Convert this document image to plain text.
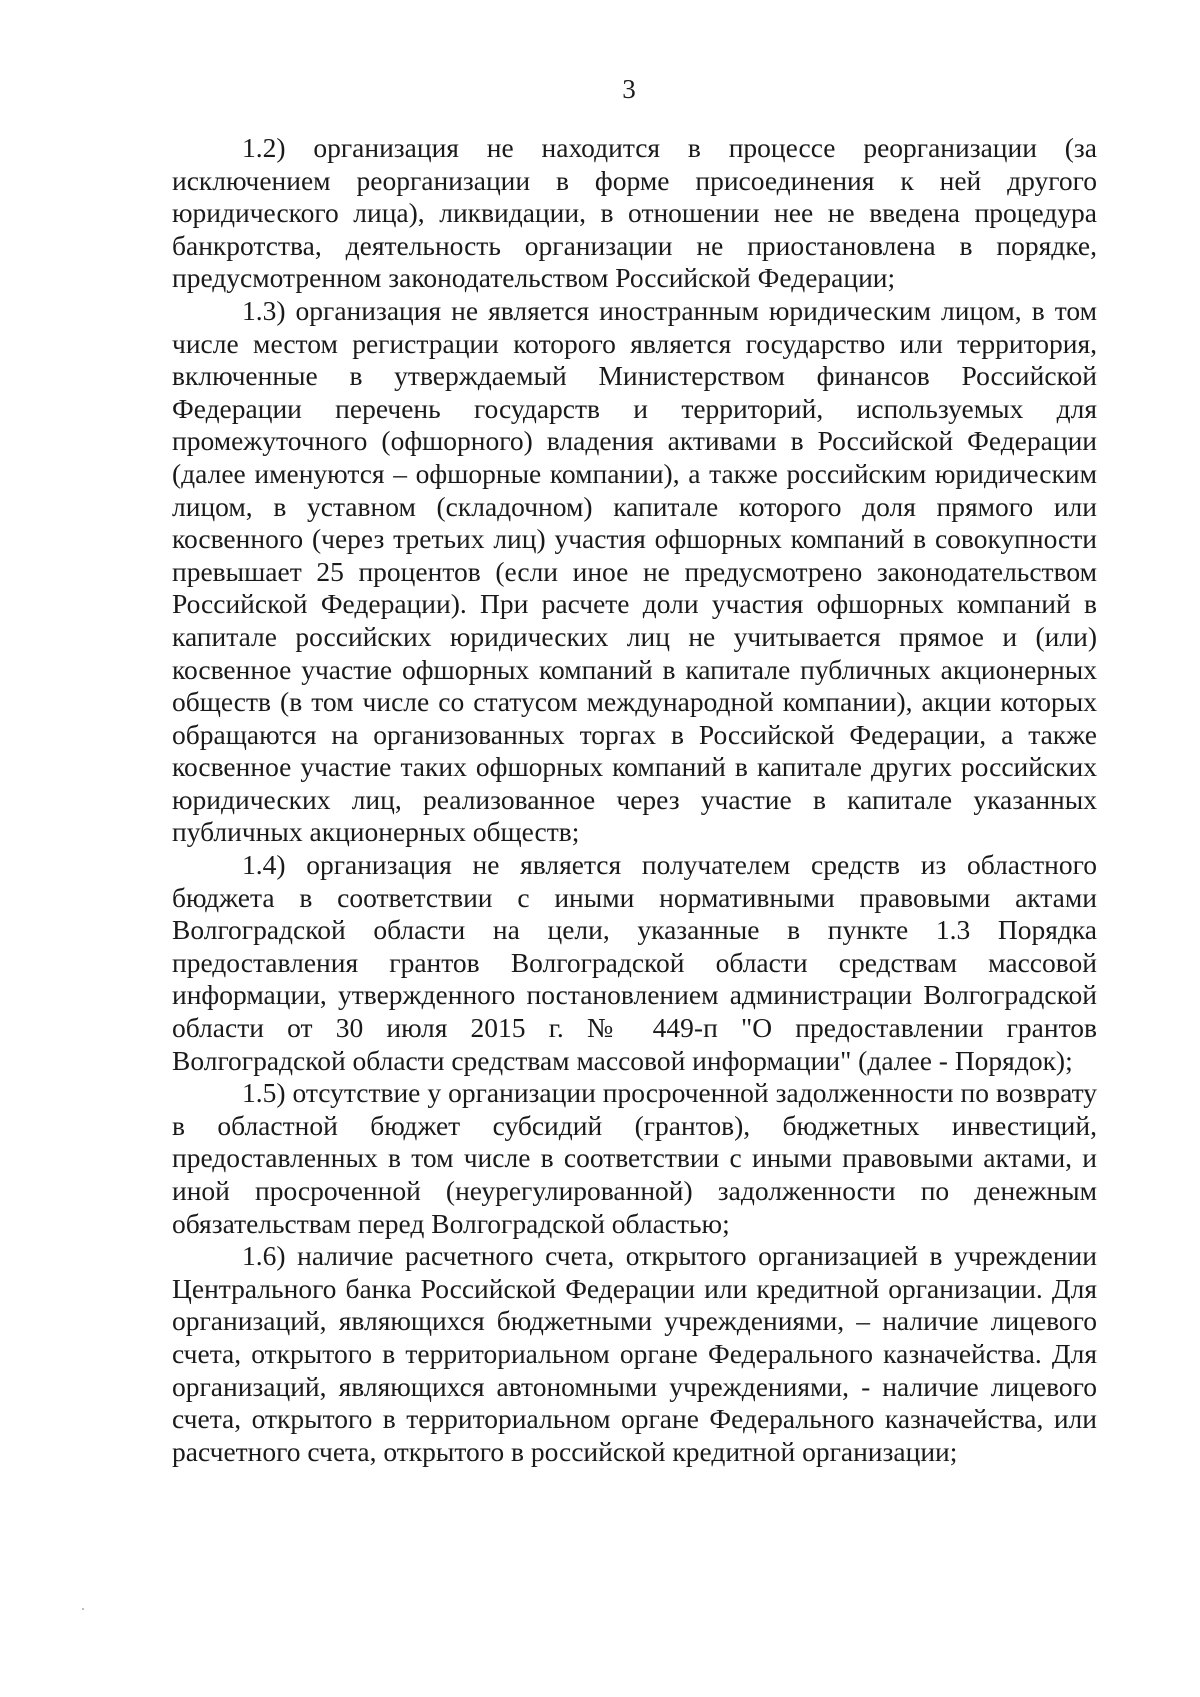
3

1.2) организация не находится в процессе реорганизации (за исключением реорганизации в форме присоединения к ней другого юридического лица), ликвидации, в отношении нее не введена процедура банкротства, деятельность организации не приостановлена в порядке, предусмотренном законодательством Российской Федерации;

1.3) организация не является иностранным юридическим лицом, в том числе местом регистрации которого является государство или территория, включенные в утверждаемый Министерством финансов Российской Федерации перечень государств и территорий, используемых для промежуточного (офшорного) владения активами в Российской Федерации (далее именуются – офшорные компании), а также российским юридическим лицом, в уставном (складочном) капитале которого доля прямого или косвенного (через третьих лиц) участия офшорных компаний в совокупности превышает 25 процентов (если иное не предусмотрено законодательством Российской Федерации). При расчете доли участия офшорных компаний в капитале российских юридических лиц не учитывается прямое и (или) косвенное участие офшорных компаний в капитале публичных акционерных обществ (в том числе со статусом международной компании), акции которых обращаются на организованных торгах в Российской Федерации, а также косвенное участие таких офшорных компаний в капитале других российских юридических лиц, реализованное через участие в капитале указанных публичных акционерных обществ;

1.4) организация не является получателем средств из областного бюджета в соответствии с иными нормативными правовыми актами Волгоградской области на цели, указанные в пункте 1.3 Порядка предоставления грантов Волгоградской области средствам массовой информации, утвержденного постановлением администрации Волгоградской области от 30 июля 2015 г. № 449-п "О предоставлении грантов Волгоградской области средствам массовой информации" (далее - Порядок);

1.5) отсутствие у организации просроченной задолженности по возврату в областной бюджет субсидий (грантов), бюджетных инвестиций, предоставленных в том числе в соответствии с иными правовыми актами, и иной просроченной (неурегулированной) задолженности по денежным обязательствам перед Волгоградской областью;

1.6) наличие расчетного счета, открытого организацией в учреждении Центрального банка Российской Федерации или кредитной организации. Для организаций, являющихся бюджетными учреждениями, – наличие лицевого счета, открытого в территориальном органе Федерального казначейства. Для организаций, являющихся автономными учреждениями, - наличие лицевого счета, открытого в территориальном органе Федерального казначейства, или расчетного счета, открытого в российской кредитной организации;
